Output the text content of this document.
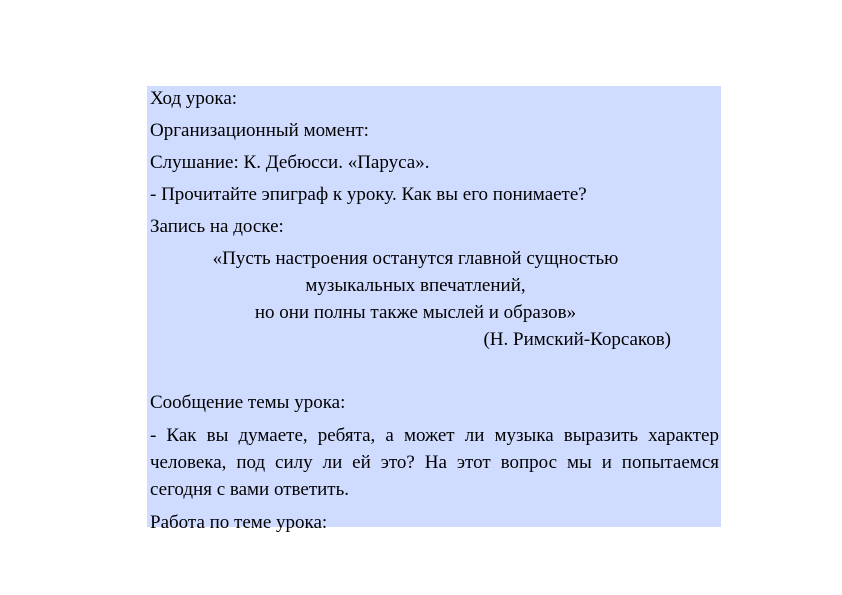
Ход урока:

Организационный момент:

Слушание: К. Дебюсси. «Паруса».

- Прочитайте эпиграф к уроку. Как вы его понимаете?

Запись на доске:

«Пусть настроения останутся главной сущностью
музыкальных впечатлений,
но они полны также мыслей и образов»
(Н. Римский-Корсаков)

Сообщение темы урока:

- Как вы думаете, ребята, а может ли музыка выразить характер человека, под силу ли ей это? На этот вопрос мы и попытаемся сегодня с вами ответить.

Работа по теме урока:
